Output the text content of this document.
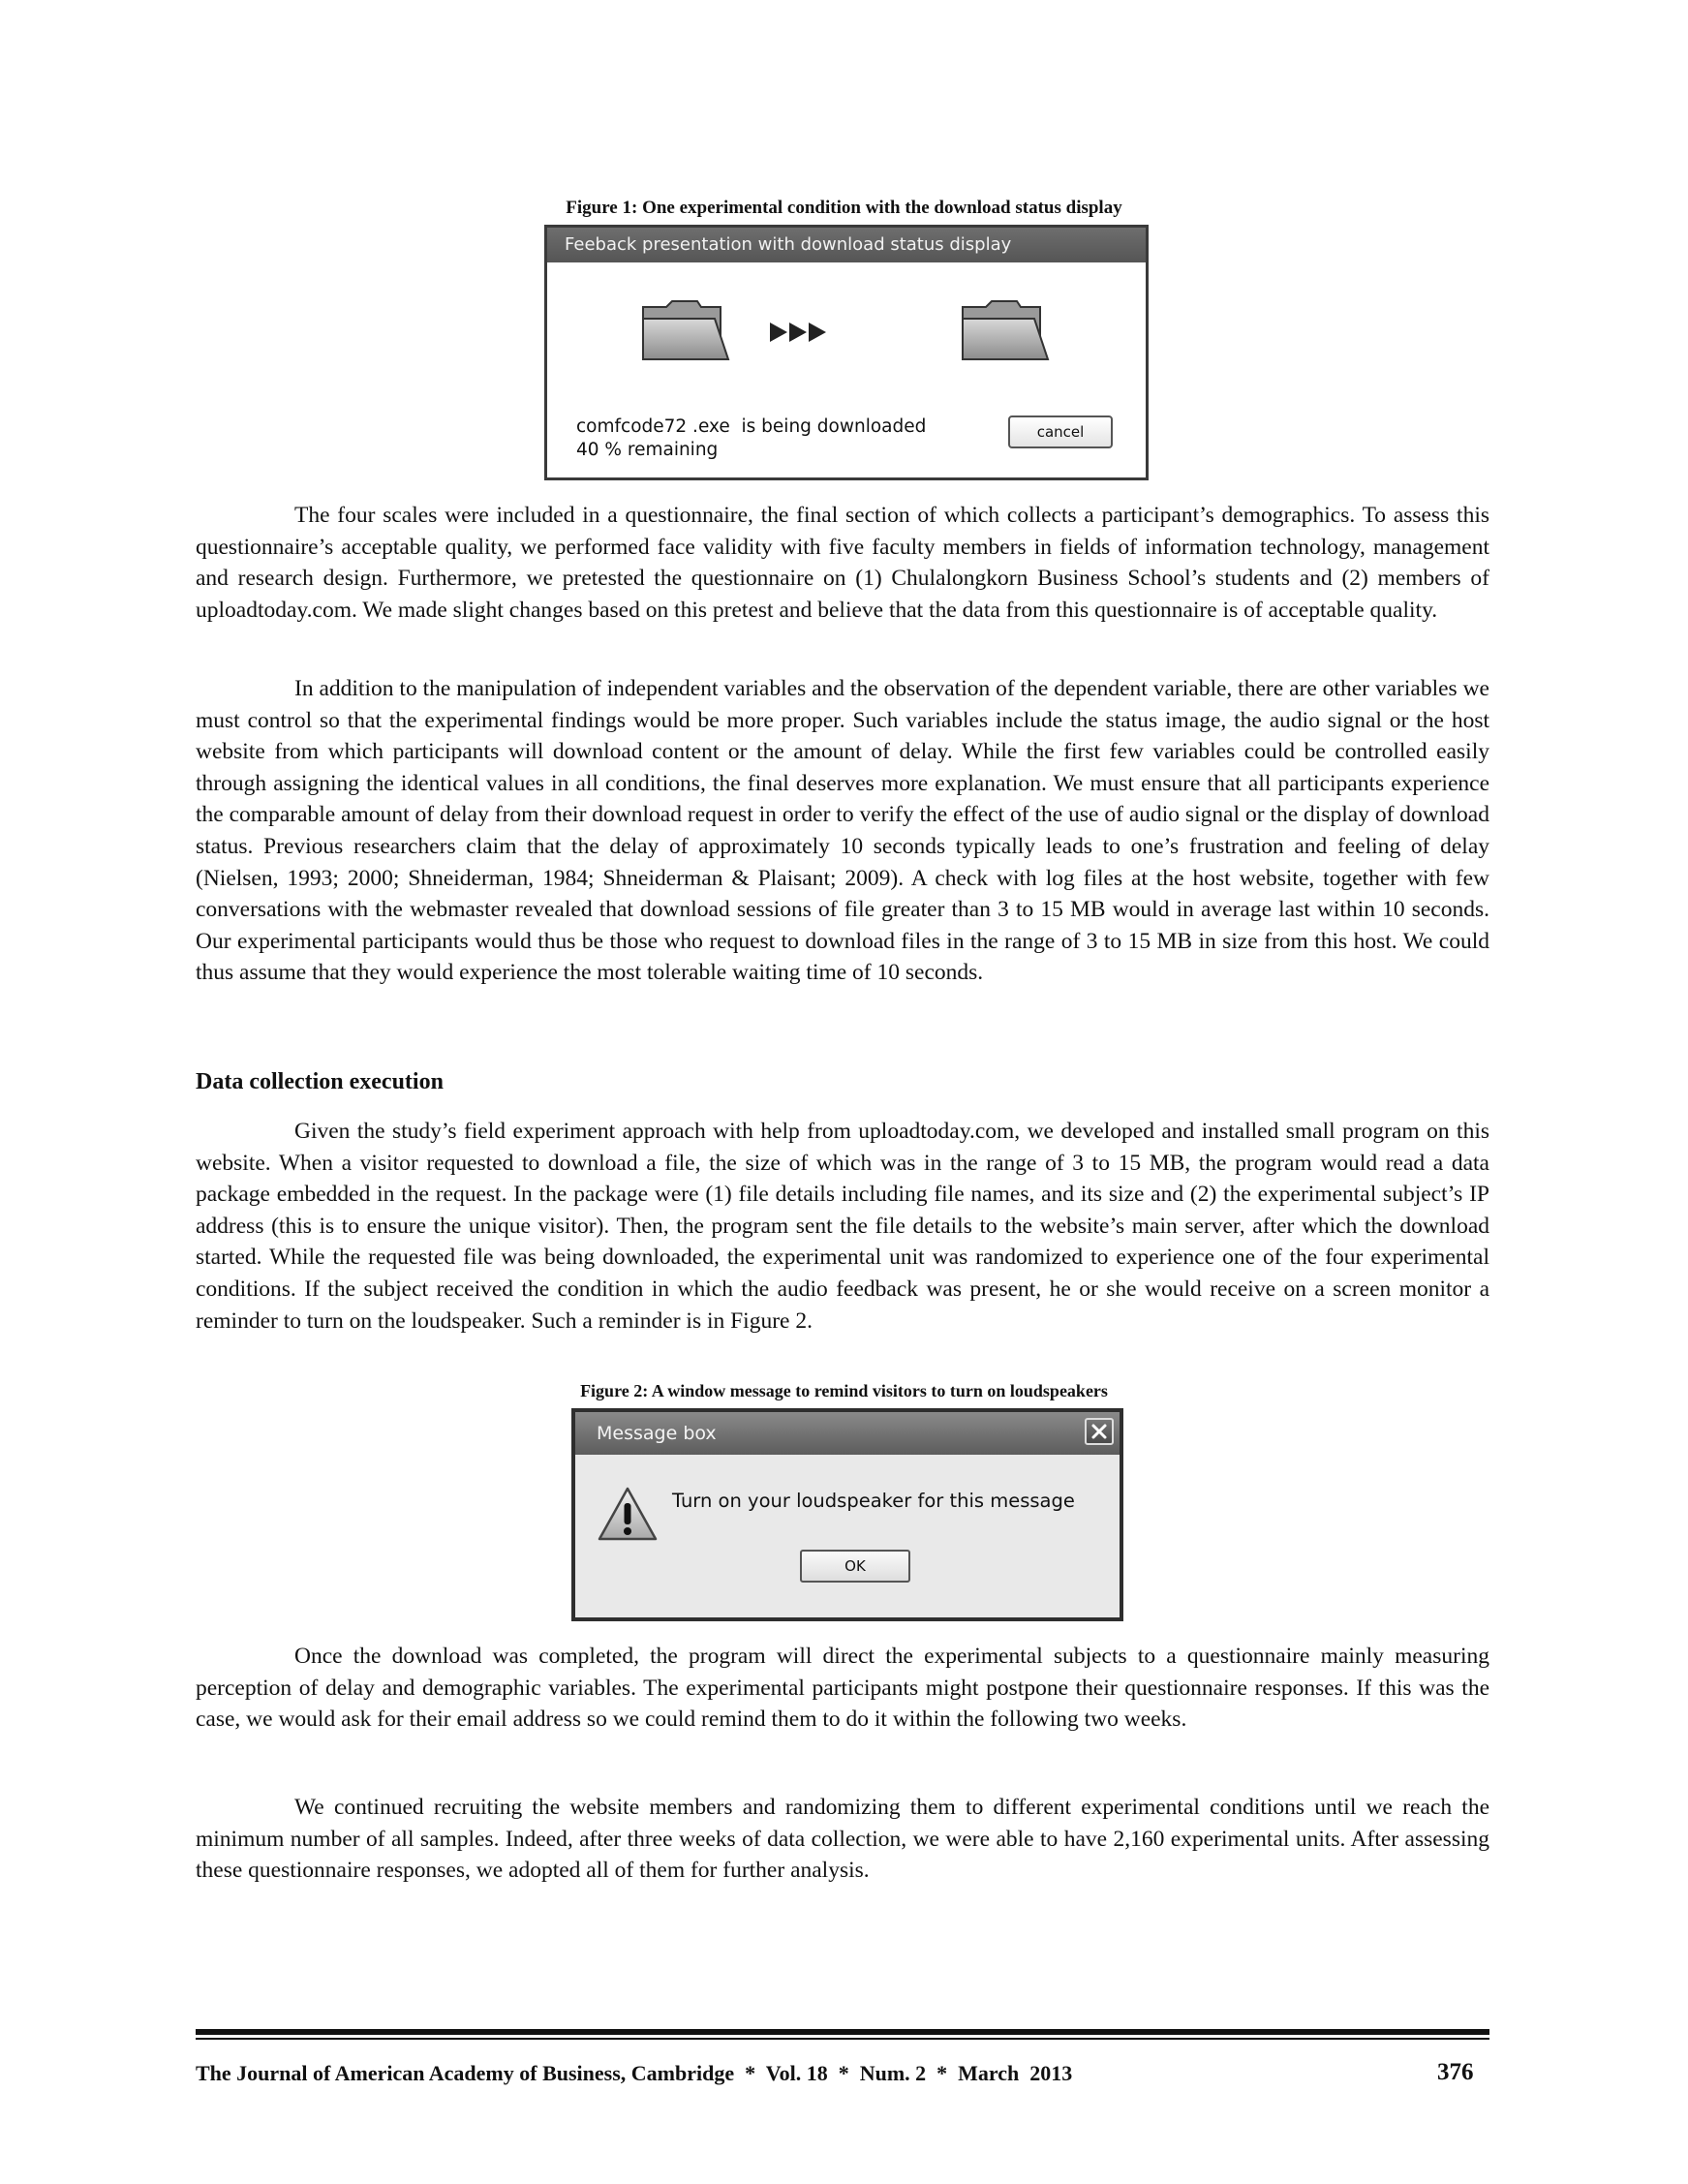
Figure 1: One experimental condition with the download status display
Feeback presentation with download status display
comfcode72 .exe  is being downloaded
40 % remaining
cancel

The four scales were included in a questionnaire, the final section of which collects a participant’s demographics. To assess this questionnaire’s acceptable quality, we performed face validity with five faculty members in fields of information technology, management and research design. Furthermore, we pretested the questionnaire on (1) Chulalongkorn Business School’s students and (2) members of uploadtoday.com. We made slight changes based on this pretest and believe that the data from this questionnaire is of acceptable quality.

In addition to the manipulation of independent variables and the observation of the dependent variable, there are other variables we must control so that the experimental findings would be more proper. Such variables include the status image, the audio signal or the host website from which participants will download content or the amount of delay. While the first few variables could be controlled easily through assigning the identical values in all conditions, the final deserves more explanation. We must ensure that all participants experience the comparable amount of delay from their download request in order to verify the effect of the use of audio signal or the display of download status. Previous researchers claim that the delay of approximately 10 seconds typically leads to one’s frustration and feeling of delay (Nielsen, 1993; 2000; Shneiderman, 1984; Shneiderman & Plaisant; 2009). A check with log files at the host website, together with few conversations with the webmaster revealed that download sessions of file greater than 3 to 15 MB would in average last within 10 seconds. Our experimental participants would thus be those who request to download files in the range of 3 to 15 MB in size from this host. We could thus assume that they would experience the most tolerable waiting time of 10 seconds.

Data collection execution

Given the study’s field experiment approach with help from uploadtoday.com, we developed and installed small program on this website. When a visitor requested to download a file, the size of which was in the range of 3 to 15 MB, the program would read a data package embedded in the request. In the package were (1) file details including file names, and its size and (2) the experimental subject’s IP address (this is to ensure the unique visitor). Then, the program sent the file details to the website’s main server, after which the download started. While the requested file was being downloaded, the experimental unit was randomized to experience one of the four experimental conditions. If the subject received the condition in which the audio feedback was present, he or she would receive on a screen monitor a reminder to turn on the loudspeaker. Such a reminder is in Figure 2.

Figure 2: A window message to remind visitors to turn on loudspeakers
Message box
Turn on your loudspeaker for this message
OK

Once the download was completed, the program will direct the experimental subjects to a questionnaire mainly measuring perception of delay and demographic variables. The experimental participants might postpone their questionnaire responses. If this was the case, we would ask for their email address so we could remind them to do it within the following two weeks.

We continued recruiting the website members and randomizing them to different experimental conditions until we reach the minimum number of all samples. Indeed, after three weeks of data collection, we were able to have 2,160 experimental units. After assessing these questionnaire responses, we adopted all of them for further analysis.

The Journal of American Academy of Business, Cambridge  *  Vol. 18  *  Num. 2  *  March  2013	376
